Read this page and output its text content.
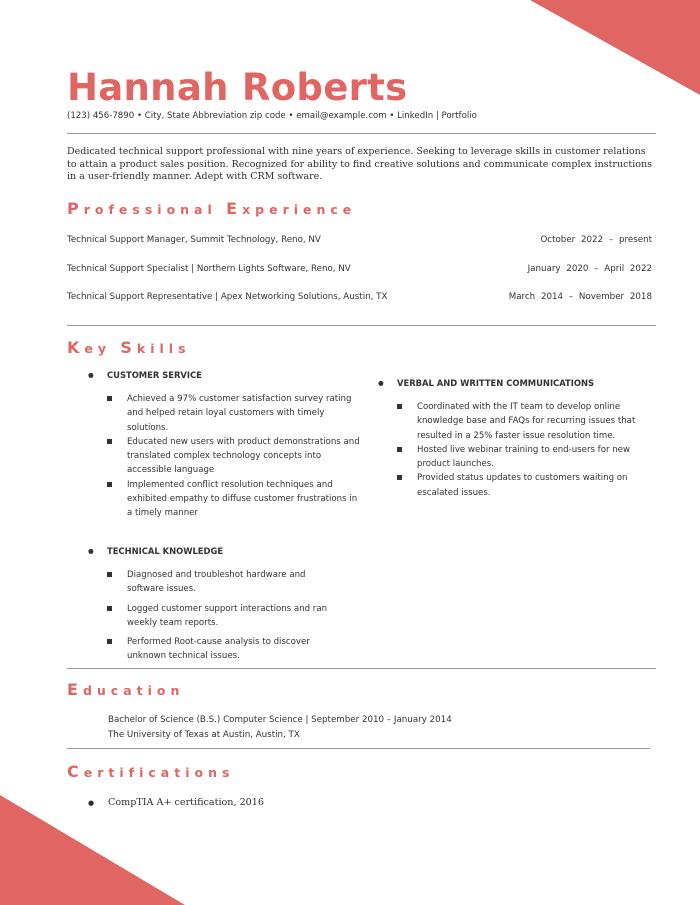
Hannah Roberts
(123) 456-7890 • City, State Abbreviation zip code • email@example.com • LinkedIn | Portfolio

Dedicated technical support professional with nine years of experience. Seeking to leverage skills in customer relations to attain a product sales position. Recognized for ability to find creative solutions and communicate complex instructions in a user-friendly manner. Adept with CRM software.

Professional Experience
Technical Support Manager, Summit Technology, Reno, NV	October 2022 – present
Technical Support Specialist | Northern Lights Software, Reno, NV	January 2020 – April 2022
Technical Support Representative | Apex Networking Solutions, Austin, TX	March 2014 – November 2018
Key Skills
● CUSTOMER SERVICE
Achieved a 97% customer satisfaction survey rating and helped retain loyal customers with timely solutions.
Educated new users with product demonstrations and translated complex technology concepts into accessible language
Implemented conflict resolution techniques and exhibited empathy to diffuse customer frustrations in a timely manner
● VERBAL AND WRITTEN COMMUNICATIONS
Coordinated with the IT team to develop online knowledge base and FAQs for recurring issues that resulted in a 25% faster issue resolution time.
Hosted live webinar training to end-users for new product launches.
Provided status updates to customers waiting on escalated issues.
● TECHNICAL KNOWLEDGE
Diagnosed and troubleshot hardware and software issues.
Logged customer support interactions and ran weekly team reports.
Performed Root-cause analysis to discover unknown technical issues.
Education
Bachelor of Science (B.S.) Computer Science | September 2010 – January 2014
The University of Texas at Austin, Austin, TX
Certifications
● CompTIA A+ certification, 2016
